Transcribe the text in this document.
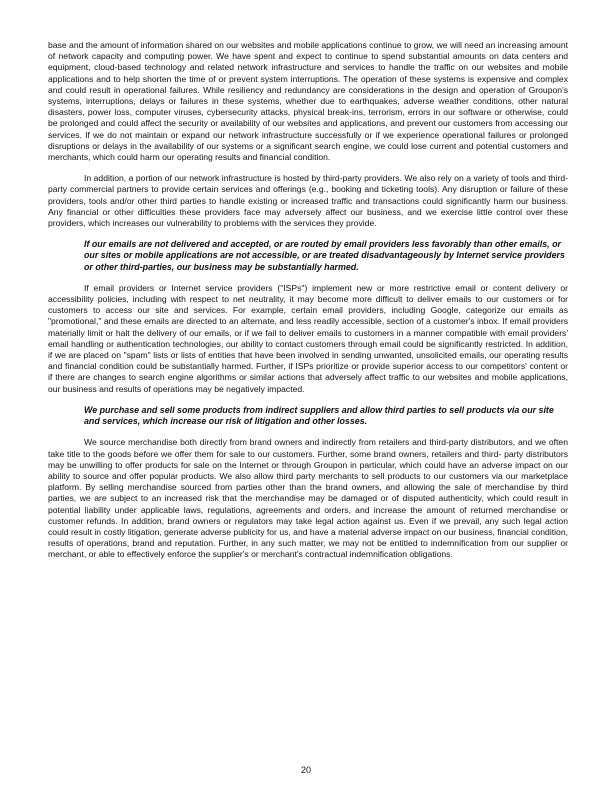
base and the amount of information shared on our websites and mobile applications continue to grow, we will need an increasing amount of network capacity and computing power. We have spent and expect to continue to spend substantial amounts on data centers and equipment, cloud-based technology and related network infrastructure and services to handle the traffic on our websites and mobile applications and to help shorten the time of or prevent system interruptions. The operation of these systems is expensive and complex and could result in operational failures. While resiliency and redundancy are considerations in the design and operation of Groupon's systems, interruptions, delays or failures in these systems, whether due to earthquakes, adverse weather conditions, other natural disasters, power loss, computer viruses, cybersecurity attacks, physical break-ins, terrorism, errors in our software or otherwise, could be prolonged and could affect the security or availability of our websites and applications, and prevent our customers from accessing our services. If we do not maintain or expand our network infrastructure successfully or if we experience operational failures or prolonged disruptions or delays in the availability of our systems or a significant search engine, we could lose current and potential customers and merchants, which could harm our operating results and financial condition.

In addition, a portion of our network infrastructure is hosted by third-party providers. We also rely on a variety of tools and third-party commercial partners to provide certain services and offerings (e.g., booking and ticketing tools). Any disruption or failure of these providers, tools and/or other third parties to handle existing or increased traffic and transactions could significantly harm our business. Any financial or other difficulties these providers face may adversely affect our business, and we exercise little control over these providers, which increases our vulnerability to problems with the services they provide.

If our emails are not delivered and accepted, or are routed by email providers less favorably than other emails, or our sites or mobile applications are not accessible, or are treated disadvantageously by Internet service providers or other third-parties, our business may be substantially harmed.

If email providers or Internet service providers ("ISPs") implement new or more restrictive email or content delivery or accessibility policies, including with respect to net neutrality, it may become more difficult to deliver emails to our customers or for customers to access our site and services. For example, certain email providers, including Google, categorize our emails as "promotional," and these emails are directed to an alternate, and less readily accessible, section of a customer's inbox. If email providers materially limit or halt the delivery of our emails, or if we fail to deliver emails to customers in a manner compatible with email providers' email handling or authentication technologies, our ability to contact customers through email could be significantly restricted. In addition, if we are placed on "spam" lists or lists of entities that have been involved in sending unwanted, unsolicited emails, our operating results and financial condition could be substantially harmed. Further, if ISPs prioritize or provide superior access to our competitors' content or if there are changes to search engine algorithms or similar actions that adversely affect traffic to our websites and mobile applications, our business and results of operations may be negatively impacted.

We purchase and sell some products from indirect suppliers and allow third parties to sell products via our site and services, which increase our risk of litigation and other losses.

We source merchandise both directly from brand owners and indirectly from retailers and third-party distributors, and we often take title to the goods before we offer them for sale to our customers. Further, some brand owners, retailers and third- party distributors may be unwilling to offer products for sale on the Internet or through Groupon in particular, which could have an adverse impact on our ability to source and offer popular products. We also allow third party merchants to sell products to our customers via our marketplace platform. By selling merchandise sourced from parties other than the brand owners, and allowing the sale of merchandise by third parties, we are subject to an increased risk that the merchandise may be damaged or of disputed authenticity, which could result in potential liability under applicable laws, regulations, agreements and orders, and increase the amount of returned merchandise or customer refunds. In addition, brand owners or regulators may take legal action against us. Even if we prevail, any such legal action could result in costly litigation, generate adverse publicity for us, and have a material adverse impact on our business, financial condition, results of operations, brand and reputation. Further, in any such matter, we may not be entitled to indemnification from our supplier or merchant, or able to effectively enforce the supplier's or merchant's contractual indemnification obligations.

20
